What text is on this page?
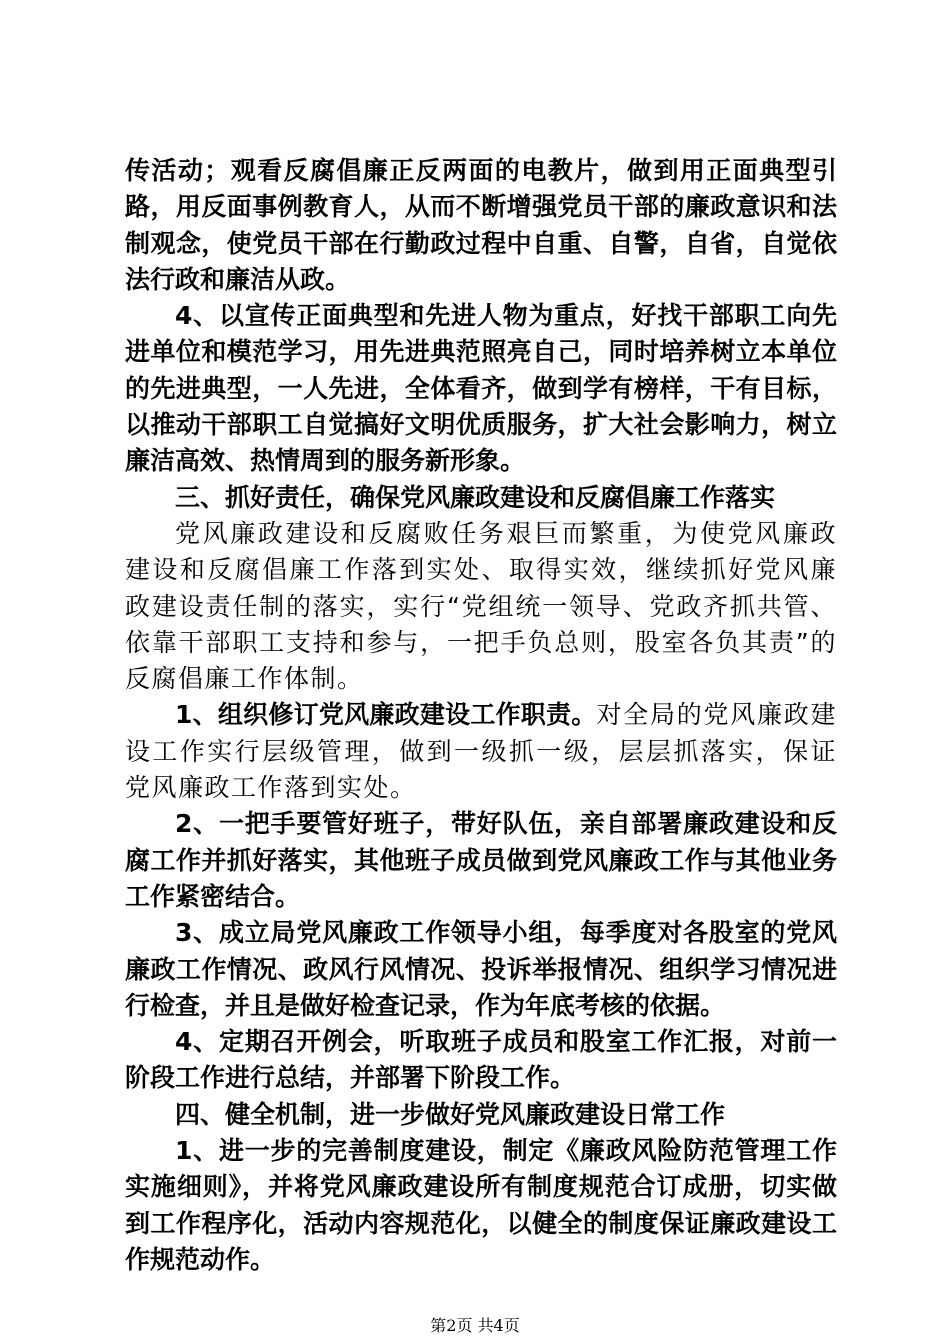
传活动；观看反腐倡廉正反两面的电教片，做到用正面典型引路，用反面事例教育人，从而不断增强党员干部的廉政意识和法制观念，使党员干部在行勤政过程中自重、自警，自省，自觉依法行政和廉洁从政。

4、以宣传正面典型和先进人物为重点，好找干部职工向先进单位和模范学习，用先进典范照亮自己，同时培养树立本单位的先进典型，一人先进，全体看齐，做到学有榜样，干有目标，以推动干部职工自觉搞好文明优质服务，扩大社会影响力，树立廉洁高效、热情周到的服务新形象。

三、抓好责任，确保党风廉政建设和反腐倡廉工作落实

党风廉政建设和反腐败任务艰巨而繁重，为使党风廉政建设和反腐倡廉工作落到实处、取得实效，继续抓好党风廉政建设责任制的落实，实行“党组统一领导、党政齐抓共管、依靠干部职工支持和参与，一把手负总则，股室各负其责”的反腐倡廉工作体制。

1、组织修订党风廉政建设工作职责。对全局的党风廉政建设工作实行层级管理，做到一级抓一级，层层抓落实，保证党风廉政工作落到实处。

2、一把手要管好班子，带好队伍，亲自部署廉政建设和反腐工作并抓好落实，其他班子成员做到党风廉政工作与其他业务工作紧密结合。

3、成立局党风廉政工作领导小组，每季度对各股室的党风廉政工作情况、政风行风情况、投诉举报情况、组织学习情况进行检查，并且是做好检查记录，作为年底考核的依据。

4、定期召开例会，听取班子成员和股室工作汇报，对前一阶段工作进行总结，并部署下阶段工作。

四、健全机制，进一步做好党风廉政建设日常工作

1、进一步的完善制度建设，制定《廉政风险防范管理工作实施细则》，并将党风廉政建设所有制度规范合订成册，切实做到工作程序化，活动内容规范化，以健全的制度保证廉政建设工作规范动作。

第2页 共4页
